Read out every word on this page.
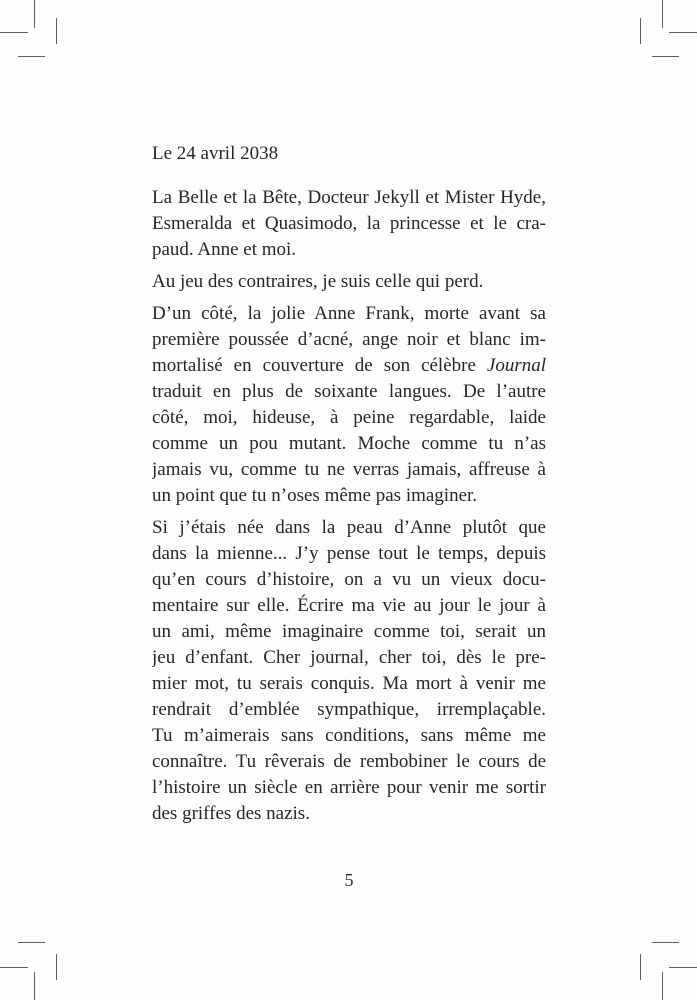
Le 24 avril 2038
La Belle et la Bête, Docteur Jekyll et Mister Hyde,
Esmeralda et Quasimodo, la princesse et le cra-
paud. Anne et moi.
Au jeu des contraires, je suis celle qui perd.
D’un côté, la jolie Anne Frank, morte avant sa
première poussée d’acné, ange noir et blanc im-
mortalisé en couverture de son célèbre Journal
traduit en plus de soixante langues. De l’autre
côté, moi, hideuse, à peine regardable, laide
comme un pou mutant. Moche comme tu n’as
jamais vu, comme tu ne verras jamais, affreuse à
un point que tu n’oses même pas imaginer.
Si j’étais née dans la peau d’Anne plutôt que
dans la mienne... J’y pense tout le temps, depuis
qu’en cours d’histoire, on a vu un vieux docu-
mentaire sur elle. Écrire ma vie au jour le jour à
un ami, même imaginaire comme toi, serait un
jeu d’enfant. Cher journal, cher toi, dès le pre-
mier mot, tu serais conquis. Ma mort à venir me
rendrait d’emblée sympathique, irremplaçable.
Tu m’aimerais sans conditions, sans même me
connaître. Tu rêverais de rembobiner le cours de
l’histoire un siècle en arrière pour venir me sortir
des griffes des nazis.
5
